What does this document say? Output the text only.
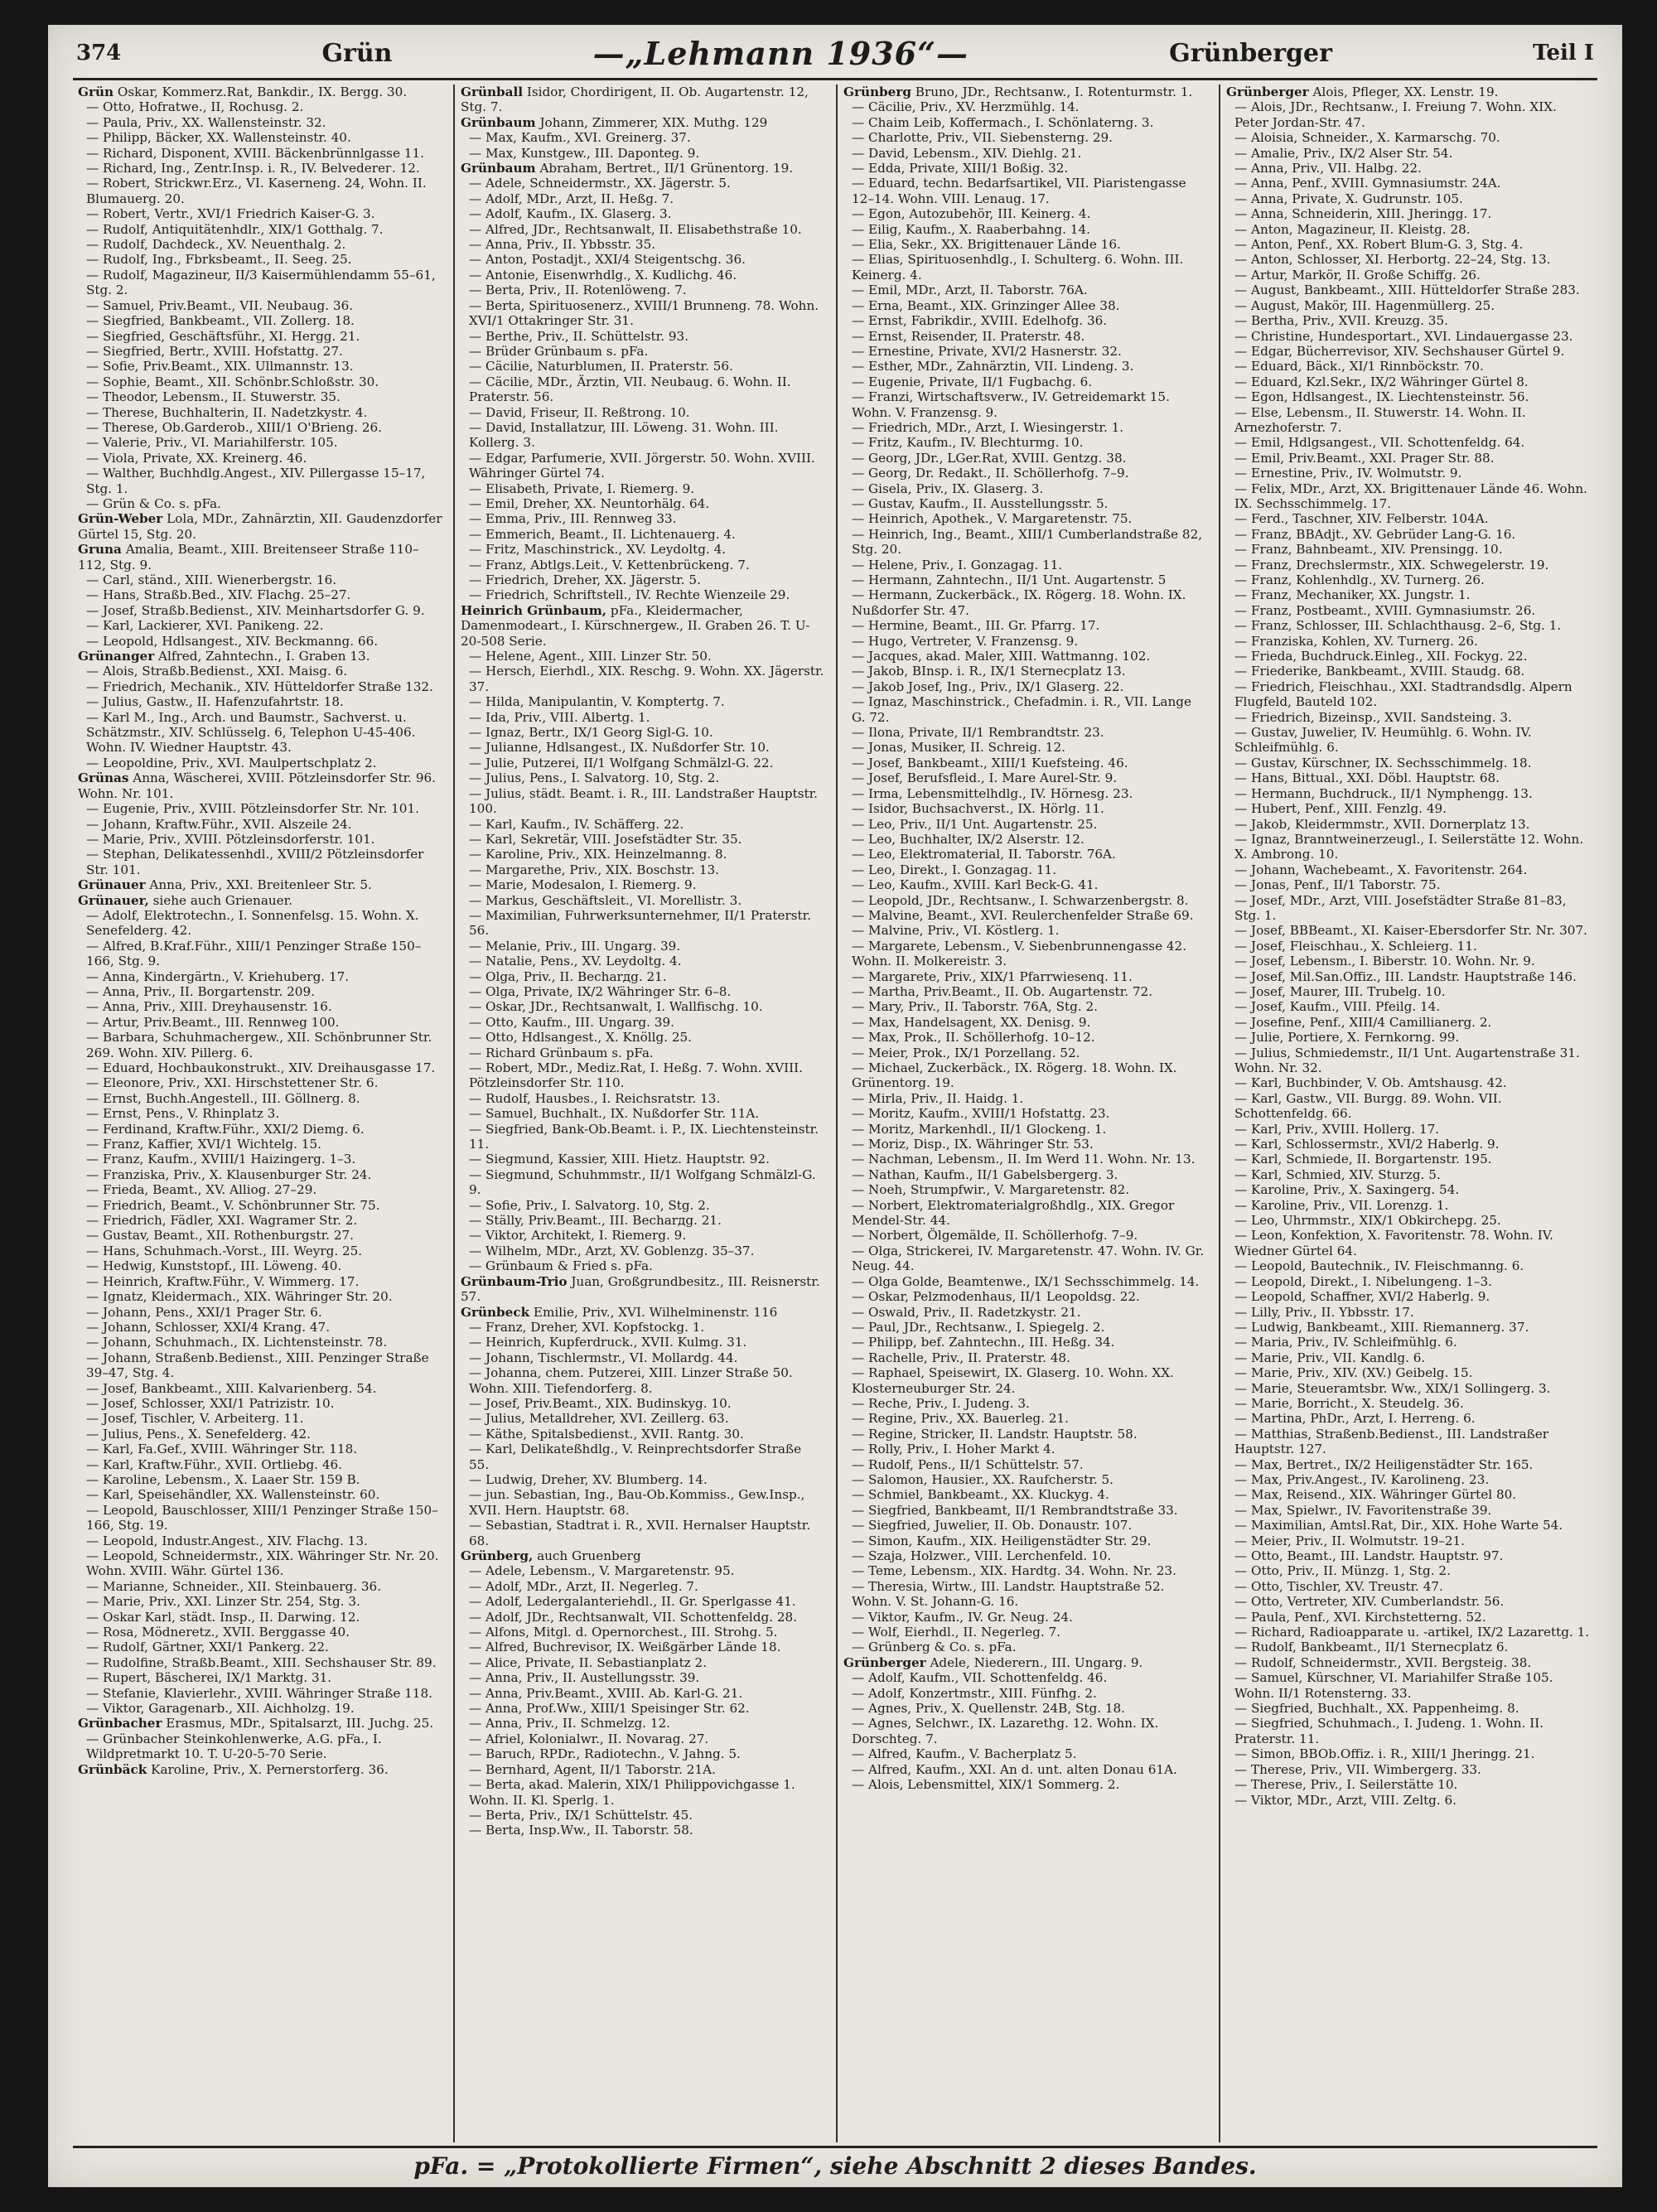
374	Grün	—„Lehmann 1936“—	Grünberger	Teil I

Grün Oskar, Kommerz.Rat, Bankdir., IX. Bergg. 30.

— Otto, Hofratwe., II, Rochusg. 2.

— Paula, Priv., XX. Wallensteinstr. 32.

— Philipp, Bäcker, XX. Wallensteinstr. 40.

— Richard, Disponent, XVIII. Bäckenbrünnlgasse 11.

— Richard, Ing., Zentr.Insp. i. R., IV. Belvederег. 12.

— Robert, Strickwr.Erz., VI. Kaserneng. 24, Wohn. II. Blumauerg. 20.

— Robert, Vertr., XVI/1 Friedrich Kaiser-G. 3.

— Rudolf, Antiquitätenhdlr., XIX/1 Gotthalg. 7.

— Rudolf, Dachdeck., XV. Neuenthalg. 2.

— Rudolf, Ing., Fbrksbeamt., II. Seeg. 25.

— Rudolf, Magazineur, II/3 Kaisermühlendamm 55–61, Stg. 2.

— Samuel, Priv.Beamt., VII. Neubaug. 36.

— Siegfried, Bankbeamt., VII. Zollerg. 18.

— Siegfried, Geschäftsführ., XI. Hergg. 21.

— Siegfried, Bertr., XVIII. Hofstattg. 27.

— Sofie, Priv.Beamt., XIX. Ullmannstr. 13.

— Sophie, Beamt., XII. Schönbr.Schloßstr. 30.

— Theodor, Lebensm., II. Stuwerstr. 35.

— Therese, Buchhalterin, II. Nadetzkystr. 4.

— Therese, Ob.Garderob., XIII/1 O'Brieng. 26.

— Valerie, Priv., VI. Mariahilferstr. 105.

— Viola, Private, XX. Kreinerg. 46.

— Walther, Buchhdlg.Angest., XIV. Pillergasse 15–17, Stg. 1.

— Grün & Co. s. pFa.

Grün-Weber Lola, MDr., Zahnärztin, XII. Gaudenzdorfer Gürtel 15, Stg. 20.

Gruna Amalia, Beamt., XIII. Breitenseer Straße 110–112, Stg. 9.

— Carl, ständ., XIII. Wienerbergstr. 16.

— Hans, Straßb.Bed., XIV. Flachg. 25–27.

— Josef, Straßb.Bedienst., XIV. Meinhartsdorfer G. 9.

— Karl, Lackierer, XVI. Panikeng. 22.

— Leopold, Hdlsangest., XIV. Beckmanng. 66.

Grünanger Alfred, Zahntechn., I. Graben 13.

— Alois, Straßb.Bedienst., XXI. Maisg. 6.

— Friedrich, Mechanik., XIV. Hütteldorfer Straße 132.

— Julius, Gastw., II. Hafenzufahrtstr. 18.

— Karl M., Ing., Arch. und Baumstr., Sachverst. u. Schätzmstr., XIV. Schlüsselg. 6, Telephon U-45-406. Wohn. IV. Wiedner Hauptstr. 43.

— Leopoldine, Priv., XVI. Maulpertschplatz 2.

Grünas Anna, Wäscherei, XVIII. Pötzleinsdorfer Str. 96. Wohn. Nr. 101.

— Eugenie, Priv., XVIII. Pötzleinsdorfer Str. Nr. 101.

— Johann, Kraftw.Führ., XVII. Alszeile 24.

— Marie, Priv., XVIII. Pötzleinsdorferstr. 101.

— Stephan, Delikatessenhdl., XVIII/2 Pötzleinsdorfer Str. 101.

Grünauer Anna, Priv., XXI. Breitenleer Str. 5.

Grünauer, siehe auch Grienauer.

— Adolf, Elektrotechn., I. Sonnenfelsg. 15. Wohn. X. Senefelderg. 42.

— Alfred, B.Kraf.Führ., XIII/1 Penzinger Straße 150–166, Stg. 9.

— Anna, Kindergärtn., V. Kriehuberg. 17.

— Anna, Priv., II. Borgartenstr. 209.

— Anna, Priv., XIII. Dreyhausenstr. 16.

— Artur, Priv.Beamt., III. Rennweg 100.

— Barbara, Schuhmachergew., XII. Schönbrunner Str. 269. Wohn. XIV. Pillerg. 6.

— Eduard, Hochbaukonstrukt., XIV. Dreihausgasse 17.

— Eleonore, Priv., XXI. Hirschstettener Str. 6.

— Ernst, Buchh.Angestell., III. Göllnerg. 8.

— Ernst, Pens., V. Rhinplatz 3.

— Ferdinand, Kraftw.Führ., XXI/2 Diemg. 6.

— Franz, Kaffier, XVI/1 Wichtelg. 15.

— Franz, Kaufm., XVIII/1 Haizingerg. 1–3.

— Franziska, Priv., X. Klausenburger Str. 24.

— Frieda, Beamt., XV. Alliog. 27–29.

— Friedrich, Beamt., V. Schönbrunner Str. 75.

— Friedrich, Fädler, XXI. Wagramer Str. 2.

— Gustav, Beamt., XII. Rothenburgstr. 27.

— Hans, Schuhmach.-Vorst., III. Weyrg. 25.

— Hedwig, Kunststopf., III. Löweng. 40.

— Heinrich, Kraftw.Führ., V. Wimmerg. 17.

— Ignatz, Kleidermach., XIX. Währinger Str. 20.

— Johann, Pens., XXI/1 Prager Str. 6.

— Johann, Schlosser, XXI/4 Krang. 47.

— Johann, Schuhmach., IX. Lichtensteinstr. 78.

— Johann, Straßenb.Bedienst., XIII. Penzinger Straße 39–47, Stg. 4.

— Josef, Bankbeamt., XIII. Kalvarienberg. 54.

— Josef, Schlosser, XXI/1 Patrizistr. 10.

— Josef, Tischler, V. Arbeiterg. 11.

— Julius, Pens., X. Senefelderg. 42.

— Karl, Fa.Gef., XVIII. Währinger Str. 118.

— Karl, Kraftw.Führ., XVII. Ortliebg. 46.

— Karoline, Lebensm., X. Laaer Str. 159 B.

— Karl, Speisehändler, XX. Wallensteinstr. 60.

— Leopold, Bauschlosser, XIII/1 Penzinger Straße 150–166, Stg. 19.

— Leopold, Industr.Angest., XIV. Flachg. 13.

— Leopold, Schneidermstr., XIX. Währinger Str. Nr. 20. Wohn. XVIII. Währ. Gürtel 136.

— Marianne, Schneider., XII. Steinbauerg. 36.

— Marie, Priv., XXI. Linzer Str. 254, Stg. 3.

— Oskar Karl, städt. Insp., II. Darwing. 12.

— Rosa, Mödneretz., XVII. Berggasse 40.

— Rudolf, Gärtner, XXI/1 Pankerg. 22.

— Rudolfine, Straßb.Beamt., XIII. Sechshauser Str. 89.

— Rupert, Bäscherei, IX/1 Marktg. 31.

— Stefanie, Klavierlehr., XVIII. Währinger Straße 118.

— Viktor, Garagenarb., XII. Aichholzg. 19.

Grünbacher Erasmus, MDr., Spitalsarzt, III. Juchg. 25.

— Grünbacher Steinkohlenwerke, A.G. pFa., I. Wildpretmarkt 10. T. U-20-5-70 Serie.

Grünbäck Karoline, Priv., X. Pernerstorferg. 36.

Grünball Isidor, Chordirigent, II. Ob. Augartenstr. 12, Stg. 7.

Grünbaum Johann, Zimmerer, XIX. Muthg. 129

— Max, Kaufm., XVI. Greinerg. 37.

— Max, Kunstgew., III. Daponteg. 9.

Grünbaum Abraham, Bertret., II/1 Grünentorg. 19.

— Adele, Schneidermstr., XX. Jägerstr. 5.

— Adolf, MDr., Arzt, II. Heßg. 7.

— Adolf, Kaufm., IX. Glaserg. 3.

— Alfred, JDr., Rechtsanwalt, II. Elisabethstraße 10.

— Anna, Priv., II. Ybbsstr. 35.

— Anton, Postadjt., XXI/4 Steigentschg. 36.

— Antonie, Eisenwrhdlg., X. Kudlichg. 46.

— Berta, Priv., II. Rotenlöweng. 7.

— Berta, Spirituosenerz., XVIII/1 Brunneng. 78. Wohn. XVI/1 Ottakringer Str. 31.

— Berthe, Priv., II. Schüttelstr. 93.

— Brüder Grünbaum s. pFa.

— Cäcilie, Naturblumen, II. Praterstr. 56.

— Cäcilie, MDr., Ärztin, VII. Neubaug. 6. Wohn. II. Praterstr. 56.

— David, Friseur, II. Reßtrong. 10.

— David, Installatzur, III. Löweng. 31. Wohn. III. Kollerg. 3.

— Edgar, Parfumerie, XVII. Jörgerstr. 50. Wohn. XVIII. Währinger Gürtel 74.

— Elisabeth, Private, I. Riemerg. 9.

— Emil, Dreher, XX. Neuntorhälg. 64.

— Emma, Priv., III. Rennweg 33.

— Emmerich, Beamt., II. Lichtenauerg. 4.

— Fritz, Maschinstrick., XV. Leydoltg. 4.

— Franz, Abtlgs.Leit., V. Kettenbrückeng. 7.

— Friedrich, Dreher, XX. Jägerstr. 5.

— Friedrich, Schriftstell., IV. Rechte Wienzeile 29.

Heinrich Grünbaum, pFa., Kleidermacher, Damenmodeart., I. Kürschnergew., II. Graben 26. T. U-20-508 Serie.

— Helene, Agent., XIII. Linzer Str. 50.

— Hersch, Eierhdl., XIX. Reschg. 9. Wohn. XX. Jägerstr. 37.

— Hilda, Manipulantin, V. Komptertg. 7.

— Ida, Priv., VIII. Albertg. 1.

— Ignaz, Bertr., IX/1 Georg Sigl-G. 10.

— Julianne, Hdlsangest., IX. Nußdorfer Str. 10.

— Julie, Putzerei, II/1 Wolfgang Schmälzl-G. 22.

— Julius, Pens., I. Salvatorg. 10, Stg. 2.

— Julius, städt. Beamt. i. R., III. Landstraßer Hauptstr. 100.

— Karl, Kaufm., IV. Schäfferg. 22.

— Karl, Sekretär, VIII. Josefstädter Str. 35.

— Karoline, Priv., XIX. Heinzelmanng. 8.

— Margarethe, Priv., XIX. Boschstr. 13.

— Marie, Modesalon, I. Riemerg. 9.

— Markus, Geschäftsleit., VI. Morellistr. 3.

— Maximilian, Fuhrwerksunternehmer, II/1 Praterstr. 56.

— Melanie, Priv., III. Ungarg. 39.

— Natalie, Pens., XV. Leydoltg. 4.

— Olga, Priv., II. Becharдg. 21.

— Olga, Private, IX/2 Währinger Str. 6–8.

— Oskar, JDr., Rechtsanwalt, I. Wallfischg. 10.

— Otto, Kaufm., III. Ungarg. 39.

— Otto, Hdlsangest., X. Knöllg. 25.

— Richard Grünbaum s. pFa.

— Robert, MDr., Mediz.Rat, I. Heßg. 7. Wohn. XVIII. Pötzleinsdorfer Str. 110.

— Rudolf, Hausbes., I. Reichsratstr. 13.

— Samuel, Buchhalt., IX. Nußdorfer Str. 11A.

— Siegfried, Bank-Ob.Beamt. i. P., IX. Liechtensteinstr. 11.

— Siegmund, Kassier, XIII. Hietz. Hauptstr. 92.

— Siegmund, Schuhmmstr., II/1 Wolfgang Schmälzl-G. 9.

— Sofie, Priv., I. Salvatorg. 10, Stg. 2.

— Ställy, Priv.Beamt., III. Becharдg. 21.

— Viktor, Architekt, I. Riemerg. 9.

— Wilhelm, MDr., Arzt, XV. Goblenzg. 35–37.

— Grünbaum & Fried s. pFa.

Grünbaum-Trio Juan, Großgrundbesitz., III. Reisnerstr. 57.

Grünbeck Emilie, Priv., XVI. Wilhelminenstr. 116

— Franz, Dreher, XVI. Kopfstockg. 1.

— Heinrich, Kupferdruck., XVII. Kulmg. 31.

— Johann, Tischlermstr., VI. Mollardg. 44.

— Johanna, chem. Putzerei, XIII. Linzer Straße 50. Wohn. XIII. Tiefendorferg. 8.

— Josef, Priv.Beamt., XIX. Budinskyg. 10.

— Julius, Metalldreher, XVI. Zeillerg. 63.

— Käthe, Spitalsbedienst., XVII. Rantg. 30.

— Karl, Delikateßhdlg., V. Reinprechtsdorfer Straße 55.

— Ludwig, Dreher, XV. Blumberg. 14.

— jun. Sebastian, Ing., Bau-Ob.Kommiss., Gew.Insp., XVII. Hern. Hauptstr. 68.

— Sebastian, Stadtrat i. R., XVII. Hernalser Hauptstr. 68.

Grünberg, auch Gruenberg

— Adele, Lebensm., V. Margaretenstr. 95.

— Adolf, MDr., Arzt, II. Negerleg. 7.

— Adolf, Ledergalanteriehdl., II. Gr. Sperlgasse 41.

— Adolf, JDr., Rechtsanwalt, VII. Schottenfeldg. 28.

— Alfons, Mitgl. d. Opernorchest., III. Strohg. 5.

— Alfred, Buchrevisor, IX. Weißgärber Lände 18.

— Alice, Private, II. Sebastianplatz 2.

— Anna, Priv., II. Austellungsstr. 39.

— Anna, Priv.Beamt., XVIII. Ab. Karl-G. 21.

— Anna, Prof.Ww., XIII/1 Speisinger Str. 62.

— Anna, Priv., II. Schmelzg. 12.

— Afriel, Kolonialwr., II. Novarag. 27.

— Baruch, RPDr., Radiotechn., V. Jahng. 5.

— Bernhard, Agent, II/1 Taborstr. 21A.

— Berta, akad. Malerin, XIX/1 Philippovichgasse 1. Wohn. II. Kl. Sperlg. 1.

— Berta, Priv., IX/1 Schüttelstr. 45.

— Berta, Insp.Ww., II. Taborstr. 58.

Grünberg Bruno, JDr., Rechtsanw., I. Rotenturmstr. 1.

— Cäcilie, Priv., XV. Herzmühlg. 14.

— Chaim Leib, Koffermach., I. Schönlaterng. 3.

— Charlotte, Priv., VII. Siebensterng. 29.

— David, Lebensm., XIV. Diehlg. 21.

— Edda, Private, XIII/1 Boßig. 32.

— Eduard, techn. Bedarfsartikel, VII. Piaristengasse 12–14. Wohn. VIII. Lenaug. 17.

— Egon, Autozubehör, III. Keinerg. 4.

— Eilig, Kaufm., X. Raaberbahng. 14.

— Elia, Sekr., XX. Brigittenauer Lände 16.

— Elias, Spirituosenhdlg., I. Schulterg. 6. Wohn. III. Keinerg. 4.

— Emil, MDr., Arzt, II. Taborstr. 76A.

— Erna, Beamt., XIX. Grinzinger Allee 38.

— Ernst, Fabrikdir., XVIII. Edelhofg. 36.

— Ernst, Reisender, II. Praterstr. 48.

— Ernestine, Private, XVI/2 Hasnerstr. 32.

— Esther, MDr., Zahnärztin, VII. Lindeng. 3.

— Eugenie, Private, II/1 Fugbachg. 6.

— Franzi, Wirtschaftsverw., IV. Getreidemarkt 15. Wohn. V. Franzensg. 9.

— Friedrich, MDr., Arzt, I. Wiesingerstr. 1.

— Fritz, Kaufm., IV. Blechturmg. 10.

— Georg, JDr., LGer.Rat, XVIII. Gentzg. 38.

— Georg, Dr. Redakt., II. Schöllerhofg. 7–9.

— Gisela, Priv., IX. Glaserg. 3.

— Gustav, Kaufm., II. Ausstellungsstr. 5.

— Heinrich, Apothek., V. Margaretenstr. 75.

— Heinrich, Ing., Beamt., XIII/1 Cumberlandstraße 82, Stg. 20.

— Helene, Priv., I. Gonzagag. 11.

— Hermann, Zahntechn., II/1 Unt. Augartenstr. 5

— Hermann, Zuckerbäck., IX. Rögerg. 18. Wohn. IX. Nußdorfer Str. 47.

— Hermine, Beamt., III. Gr. Pfarrg. 17.

— Hugo, Vertreter, V. Franzensg. 9.

— Jacques, akad. Maler, XIII. Wattmanng. 102.

— Jakob, BInsp. i. R., IX/1 Sternecplatz 13.

— Jakob Josef, Ing., Priv., IX/1 Glaserg. 22.

— Ignaz, Maschinstrick., Chefadmin. i. R., VII. Lange G. 72.

— Ilona, Private, II/1 Rembrandtstr. 23.

— Jonas, Musiker, II. Schreig. 12.

— Josef, Bankbeamt., XIII/1 Kuefsteing. 46.

— Josef, Berufsfleid., I. Mare Aurel-Str. 9.

— Irma, Lebensmittelhdlg., IV. Hörnesg. 23.

— Isidor, Buchsachverst., IX. Hörlg. 11.

— Leo, Priv., II/1 Unt. Augartenstr. 25.

— Leo, Buchhalter, IX/2 Alserstr. 12.

— Leo, Elektromaterial, II. Taborstr. 76A.

— Leo, Direkt., I. Gonzagag. 11.

— Leo, Kaufm., XVIII. Karl Beck-G. 41.

— Leopold, JDr., Rechtsanw., I. Schwarzenbergstr. 8.

— Malvine, Beamt., XVI. Reulerchenfelder Straße 69.

— Malvine, Priv., VI. Köstlerg. 1.

— Margarete, Lebensm., V. Siebenbrunnengasse 42. Wohn. II. Molkereistr. 3.

— Margarete, Priv., XIX/1 Pfarrwiesenq. 11.

— Martha, Priv.Beamt., II. Ob. Augartenstr. 72.

— Mary, Priv., II. Taborstr. 76A, Stg. 2.

— Max, Handelsagent, XX. Denisg. 9.

— Max, Prok., II. Schöllerhofg. 10–12.

— Meier, Prok., IX/1 Porzellang. 52.

— Michael, Zuckerbäck., IX. Rögerg. 18. Wohn. IX. Grünentorg. 19.

— Mirla, Priv., II. Haidg. 1.

— Moritz, Kaufm., XVIII/1 Hofstattg. 23.

— Moritz, Markenhdl., II/1 Glockeng. 1.

— Moriz, Disp., IX. Währinger Str. 53.

— Nachman, Lebensm., II. Im Werd 11. Wohn. Nr. 13.

— Nathan, Kaufm., II/1 Gabelsbergerg. 3.

— Noeh, Strumpfwir., V. Margaretenstr. 82.

— Norbert, Elektromaterialgroßhdlg., XIX. Gregor Mendel-Str. 44.

— Norbert, Ölgemälde, II. Schöllerhofg. 7–9.

— Olga, Strickerei, IV. Margaretenstr. 47. Wohn. IV. Gr. Neug. 44.

— Olga Golde, Beamtenwe., IX/1 Sechsschimmelg. 14.

— Oskar, Pelzmodenhaus, II/1 Leopoldsg. 22.

— Oswald, Priv., II. Radetzkystr. 21.

— Paul, JDr., Rechtsanw., I. Spiegelg. 2.

— Philipp, bef. Zahntechn., III. Heßg. 34.

— Rachelle, Priv., II. Praterstr. 48.

— Raphael, Speisewirt, IX. Glaserg. 10. Wohn. XX. Klosterneuburger Str. 24.

— Reche, Priv., I. Judeng. 3.

— Regine, Priv., XX. Bauerleg. 21.

— Regine, Stricker, II. Landstr. Hauptstr. 58.

— Rolly, Priv., I. Hoher Markt 4.

— Rudolf, Pens., II/1 Schüttelstr. 57.

— Salomon, Hausier., XX. Raufcherstr. 5.

— Schmiel, Bankbeamt., XX. Kluckyg. 4.

— Siegfried, Bankbeamt, II/1 Rembrandtstraße 33.

— Siegfried, Juwelier, II. Ob. Donaustr. 107.

— Simon, Kaufm., XIX. Heiligenstädter Str. 29.

— Szaja, Holzwer., VIII. Lerchenfeld. 10.

— Teme, Lebensm., XIX. Hardtg. 34. Wohn. Nr. 23.

— Theresia, Wirtw., III. Landstr. Hauptstraße 52. Wohn. V. St. Johann-G. 16.

— Viktor, Kaufm., IV. Gr. Neug. 24.

— Wolf, Eierhdl., II. Negerleg. 7.

— Grünberg & Co. s. pFa.

Grünberger Adele, Niederern., III. Ungarg. 9.

— Adolf, Kaufm., VII. Schottenfeldg. 46.

— Adolf, Konzertmstr., XIII. Fünfhg. 2.

— Agnes, Priv., X. Quellenstr. 24B, Stg. 18.

— Agnes, Selchwr., IX. Lazarethg. 12. Wohn. IX. Dorschteg. 7.

— Alfred, Kaufm., V. Bacherplatz 5.

— Alfred, Kaufm., XXI. An d. unt. alten Donau 61A.

— Alois, Lebensmittel, XIX/1 Sommerg. 2.

Grünberger Alois, Pfleger, XX. Lenstr. 19.

— Alois, JDr., Rechtsanw., I. Freiung 7. Wohn. XIX. Peter Jordan-Str. 47.

— Aloisia, Schneider., X. Karmarschg. 70.

— Amalie, Priv., IX/2 Alser Str. 54.

— Anna, Priv., VII. Halbg. 22.

— Anna, Penf., XVIII. Gymnasiumstr. 24A.

— Anna, Private, X. Gudrunstr. 105.

— Anna, Schneiderin, XIII. Jheringg. 17.

— Anton, Magazineur, II. Kleistg. 28.

— Anton, Penf., XX. Robert Blum-G. 3, Stg. 4.

— Anton, Schlosser, XI. Herbortg. 22–24, Stg. 13.

— Artur, Markör, II. Große Schiffg. 26.

— August, Bankbeamt., XIII. Hütteldorfer Straße 283.

— August, Makör, III. Hagenmüllerg. 25.

— Bertha, Priv., XVII. Kreuzg. 35.

— Christine, Hundesportart., XVI. Lindauergasse 23.

— Edgar, Bücherrevisor, XIV. Sechshauser Gürtel 9.

— Eduard, Bäck., XI/1 Rinnböckstr. 70.

— Eduard, Kzl.Sekr., IX/2 Währinger Gürtel 8.

— Egon, Hdlsangest., IX. Liechtensteinstr. 56.

— Else, Lebensm., II. Stuwerstr. 14. Wohn. II. Arnezhoferstr. 7.

— Emil, Hdlgsangest., VII. Schottenfeldg. 64.

— Emil, Priv.Beamt., XXI. Prager Str. 88.

— Ernestine, Priv., IV. Wolmutstr. 9.

— Felix, MDr., Arzt, XX. Brigittenauer Lände 46. Wohn. IX. Sechsschimmelg. 17.

— Ferd., Taschner, XIV. Felberstr. 104A.

— Franz, BBAdjt., XV. Gebrüder Lang-G. 16.

— Franz, Bahnbeamt., XIV. Prensingg. 10.

— Franz, Drechslermstr., XIX. Schwegelerstr. 19.

— Franz, Kohlenhdlg., XV. Turnerg. 26.

— Franz, Mechaniker, XX. Jungstr. 1.

— Franz, Postbeamt., XVIII. Gymnasiumstr. 26.

— Franz, Schlosser, III. Schlachthausg. 2–6, Stg. 1.

— Franziska, Kohlen, XV. Turnerg. 26.

— Frieda, Buchdruck.Einleg., XII. Fockyg. 22.

— Friederike, Bankbeamt., XVIII. Staudg. 68.

— Friedrich, Fleischhau., XXI. Stadtrandsdlg. Alpern Flugfeld, Bauteld 102.

— Friedrich, Bizeinsp., XVII. Sandsteing. 3.

— Gustav, Juwelier, IV. Heumühlg. 6. Wohn. IV. Schleifmühlg. 6.

— Gustav, Kürschner, IX. Sechsschimmelg. 18.

— Hans, Bittual., XXI. Döbl. Hauptstr. 68.

— Hermann, Buchdruck., II/1 Nymphengg. 13.

— Hubert, Penf., XIII. Fenzlg. 49.

— Jakob, Kleidermmstr., XVII. Dornerplatz 13.

— Ignaz, Branntweinerzeugl., I. Seilerstätte 12. Wohn. X. Ambrong. 10.

— Johann, Wachebeamt., X. Favoritenstr. 264.

— Jonas, Penf., II/1 Taborstr. 75.

— Josef, MDr., Arzt, VIII. Josefstädter Straße 81–83, Stg. 1.

— Josef, BBBeamt., XI. Kaiser-Ebersdorfer Str. Nr. 307.

— Josef, Fleischhau., X. Schleierg. 11.

— Josef, Lebensm., I. Biberstr. 10. Wohn. Nr. 9.

— Josef, Mil.San.Offiz., III. Landstr. Hauptstraße 146.

— Josef, Maurer, III. Trubelg. 10.

— Josef, Kaufm., VIII. Pfeilg. 14.

— Josefine, Penf., XIII/4 Camillianerg. 2.

— Julie, Portiere, X. Fernkorng. 99.

— Julius, Schmiedemstr., II/1 Unt. Augartenstraße 31. Wohn. Nr. 32.

— Karl, Buchbinder, V. Ob. Amtshausg. 42.

— Karl, Gastw., VII. Burgg. 89. Wohn. VII. Schottenfeldg. 66.

— Karl, Priv., XVIII. Hollerg. 17.

— Karl, Schlossermstr., XVI/2 Haberlg. 9.

— Karl, Schmiede, II. Borgartenstr. 195.

— Karl, Schmied, XIV. Sturzg. 5.

— Karoline, Priv., X. Saxingerg. 54.

— Karoline, Priv., VII. Lorenzg. 1.

— Leo, Uhrmmstr., XIX/1 Obkirchерg. 25.

— Leon, Konfektion, X. Favoritenstr. 78. Wohn. IV. Wiedner Gürtel 64.

— Leopold, Bautechnik., IV. Fleischmanng. 6.

— Leopold, Direkt., I. Nibelungeng. 1–3.

— Leopold, Schaffner, XVI/2 Haberlg. 9.

— Lilly, Priv., II. Ybbsstr. 17.

— Ludwig, Bankbeamt., XIII. Riemannerg. 37.

— Maria, Priv., IV. Schleifmühlg. 6.

— Marie, Priv., VII. Kandlg. 6.

— Marie, Priv., XIV. (XV.) Geibelg. 15.

— Marie, Steueramtsbr. Ww., XIX/1 Sollingerg. 3.

— Marie, Borricht., X. Steudelg. 36.

— Martina, PhDr., Arzt, I. Herreng. 6.

— Matthias, Straßenb.Bedienst., III. Landstraßer Hauptstr. 127.

— Max, Bertret., IX/2 Heiligenstädter Str. 165.

— Max, Priv.Angest., IV. Karolineng. 23.

— Max, Reisend., XIX. Währinger Gürtel 80.

— Max, Spielwr., IV. Favoritenstraße 39.

— Maximilian, Amtsl.Rat, Dir., XIX. Hohe Warte 54.

— Meier, Priv., II. Wolmutstr. 19–21.

— Otto, Beamt., III. Landstr. Hauptstr. 97.

— Otto, Priv., II. Münzg. 1, Stg. 2.

— Otto, Tischler, XV. Treustr. 47.

— Otto, Vertreter, XIV. Cumberlandstr. 56.

— Paula, Penf., XVI. Kirchstetterng. 52.

— Richard, Radioapparate u. -artikel, IX/2 Lazarettg. 1.

— Rudolf, Bankbeamt., II/1 Sternecplatz 6.

— Rudolf, Schneidermstr., XVII. Bergsteig. 38.

— Samuel, Kürschner, VI. Mariahilfer Straße 105. Wohn. II/1 Rotensterng. 33.

— Siegfried, Buchhalt., XX. Pappenheimg. 8.

— Siegfried, Schuhmach., I. Judeng. 1. Wohn. II. Praterstr. 11.

— Simon, BBOb.Offiz. i. R., XIII/1 Jheringg. 21.

— Therese, Priv., VII. Wimbergerg. 33.

— Therese, Priv., I. Seilerstätte 10.

— Viktor, MDr., Arzt, VIII. Zeltg. 6.

pFa. = „Protokollierte Firmen“, siehe Abschnitt 2 dieses Bandes.
